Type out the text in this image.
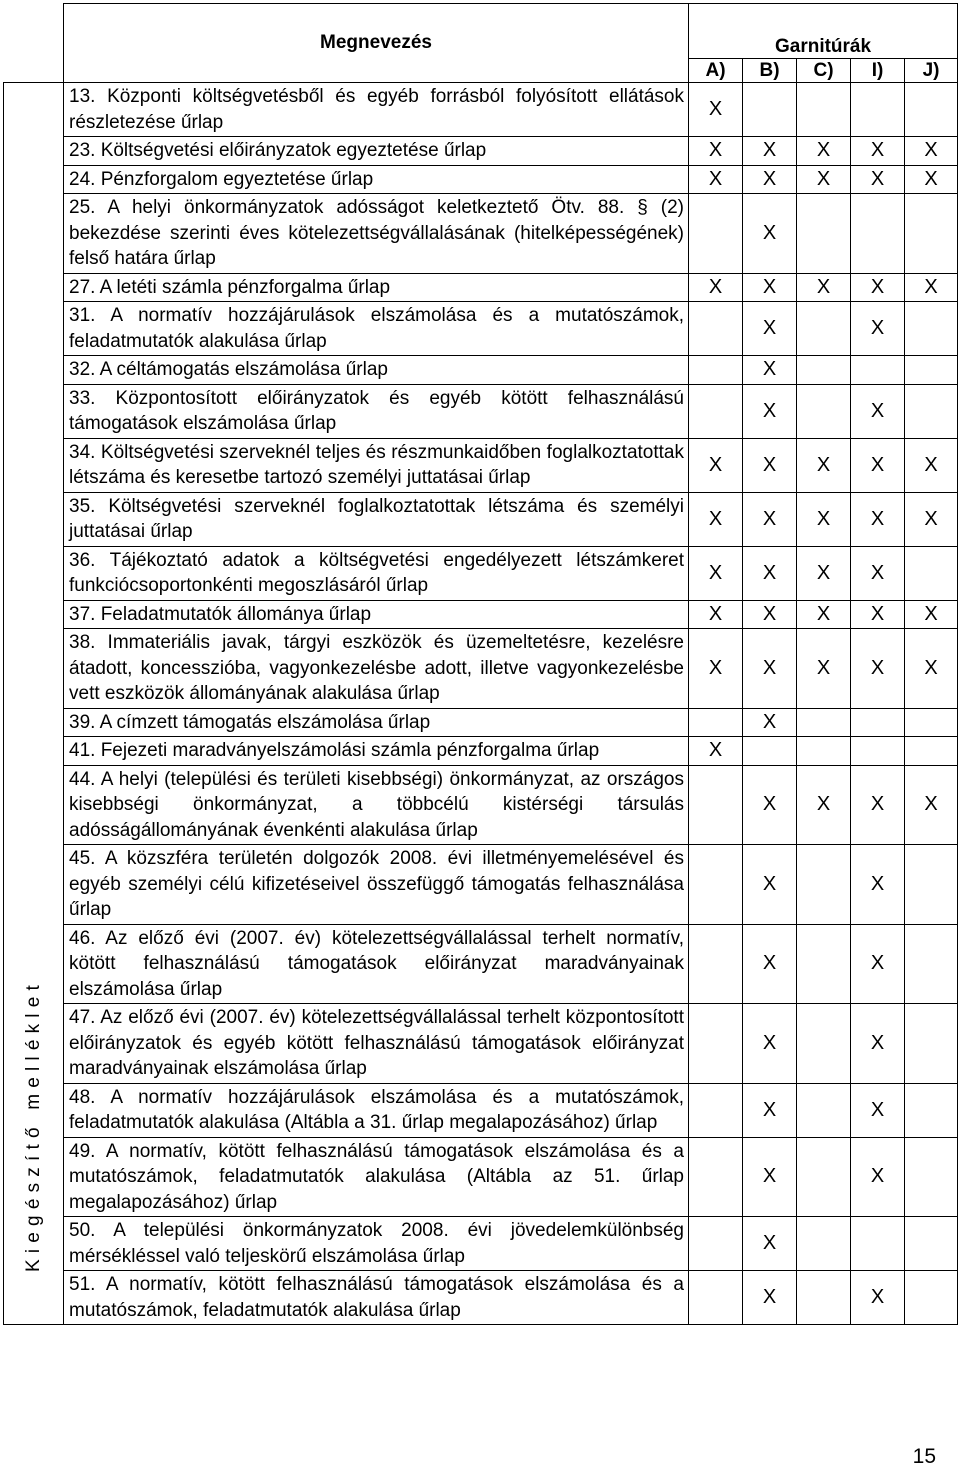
	Megnevezés	Garnitúrák				
		A)	B)	C)	I)	J)

Kiegészítő melléklet	13. Központi költségvetésből és egyéb forrásból folyósított ellátások részletezése űrlap	X				
	23. Költségvetési előirányzatok egyeztetése űrlap	X	X	X	X	X
	24. Pénzforgalom egyeztetése űrlap	X	X	X	X	X
	25. A helyi önkormányzatok adósságot keletkeztető Ötv. 88. § (2) bekezdése szerinti éves kötelezettségvállalásának (hitelképességének) felső határa űrlap		X			
	27. A letéti számla pénzforgalma űrlap	X	X	X	X	X
	31. A normatív hozzájárulások elszámolása és a mutatószámok, feladatmutatók alakulása űrlap		X		X	
	32. A céltámogatás elszámolása űrlap		X			
	33. Központosított előirányzatok és egyéb kötött felhasználású támogatások elszámolása űrlap		X		X	
	34. Költségvetési szerveknél teljes és részmunkaidőben foglalkoztatottak létszáma és keresetbe tartozó személyi juttatásai űrlap	X	X	X	X	X
	35. Költségvetési szerveknél foglalkoztatottak létszáma és személyi juttatásai űrlap	X	X	X	X	X
	36. Tájékoztató adatok a költségvetési engedélyezett létszámkeret funkciócsoportonkénti megoszlásáról űrlap	X	X	X	X	
	37. Feladatmutatók állománya űrlap	X	X	X	X	X
	38. Immateriális javak, tárgyi eszközök és üzemeltetésre, kezelésre átadott, koncesszióba, vagyonkezelésbe adott, illetve vagyonkezelésbe vett eszközök állományának alakulása űrlap	X	X	X	X	X
	39. A címzett támogatás elszámolása űrlap		X			
	41. Fejezeti maradványelszámolási számla pénzforgalma űrlap	X				
	44. A helyi (települési és területi kisebbségi) önkormányzat, az országos kisebbségi önkormányzat, a többcélú kistérségi társulás adósságállományának évenkénti alakulása űrlap		X	X	X	X
	45. A közszféra területén dolgozók 2008. évi illetményemelésével és egyéb személyi célú kifizetéseivel összefüggő támogatás felhasználása űrlap		X		X	
	46. Az előző évi (2007. év) kötelezettségvállalással terhelt normatív, kötött felhasználású támogatások előirányzat maradványainak elszámolása űrlap		X		X	
	47. Az előző évi (2007. év) kötelezettségvállalással terhelt központosított előirányzatok és egyéb kötött felhasználású támogatások előirányzat maradványainak elszámolása űrlap		X		X	
	48. A normatív hozzájárulások elszámolása és a mutatószámok, feladatmutatók alakulása (Altábla a 31. űrlap megalapozásához) űrlap		X		X	
	49. A normatív, kötött felhasználású támogatások elszámolása és a mutatószámok, feladatmutatók alakulása (Altábla az 51. űrlap megalapozásához) űrlap		X		X	
	50. A települési önkormányzatok 2008. évi jövedelemkülönbség mérsékléssel való teljeskörű elszámolása űrlap		X			
	51. A normatív, kötött felhasználású támogatások elszámolása és a mutatószámok, feladatmutatók alakulása űrlap		X		X	
15
